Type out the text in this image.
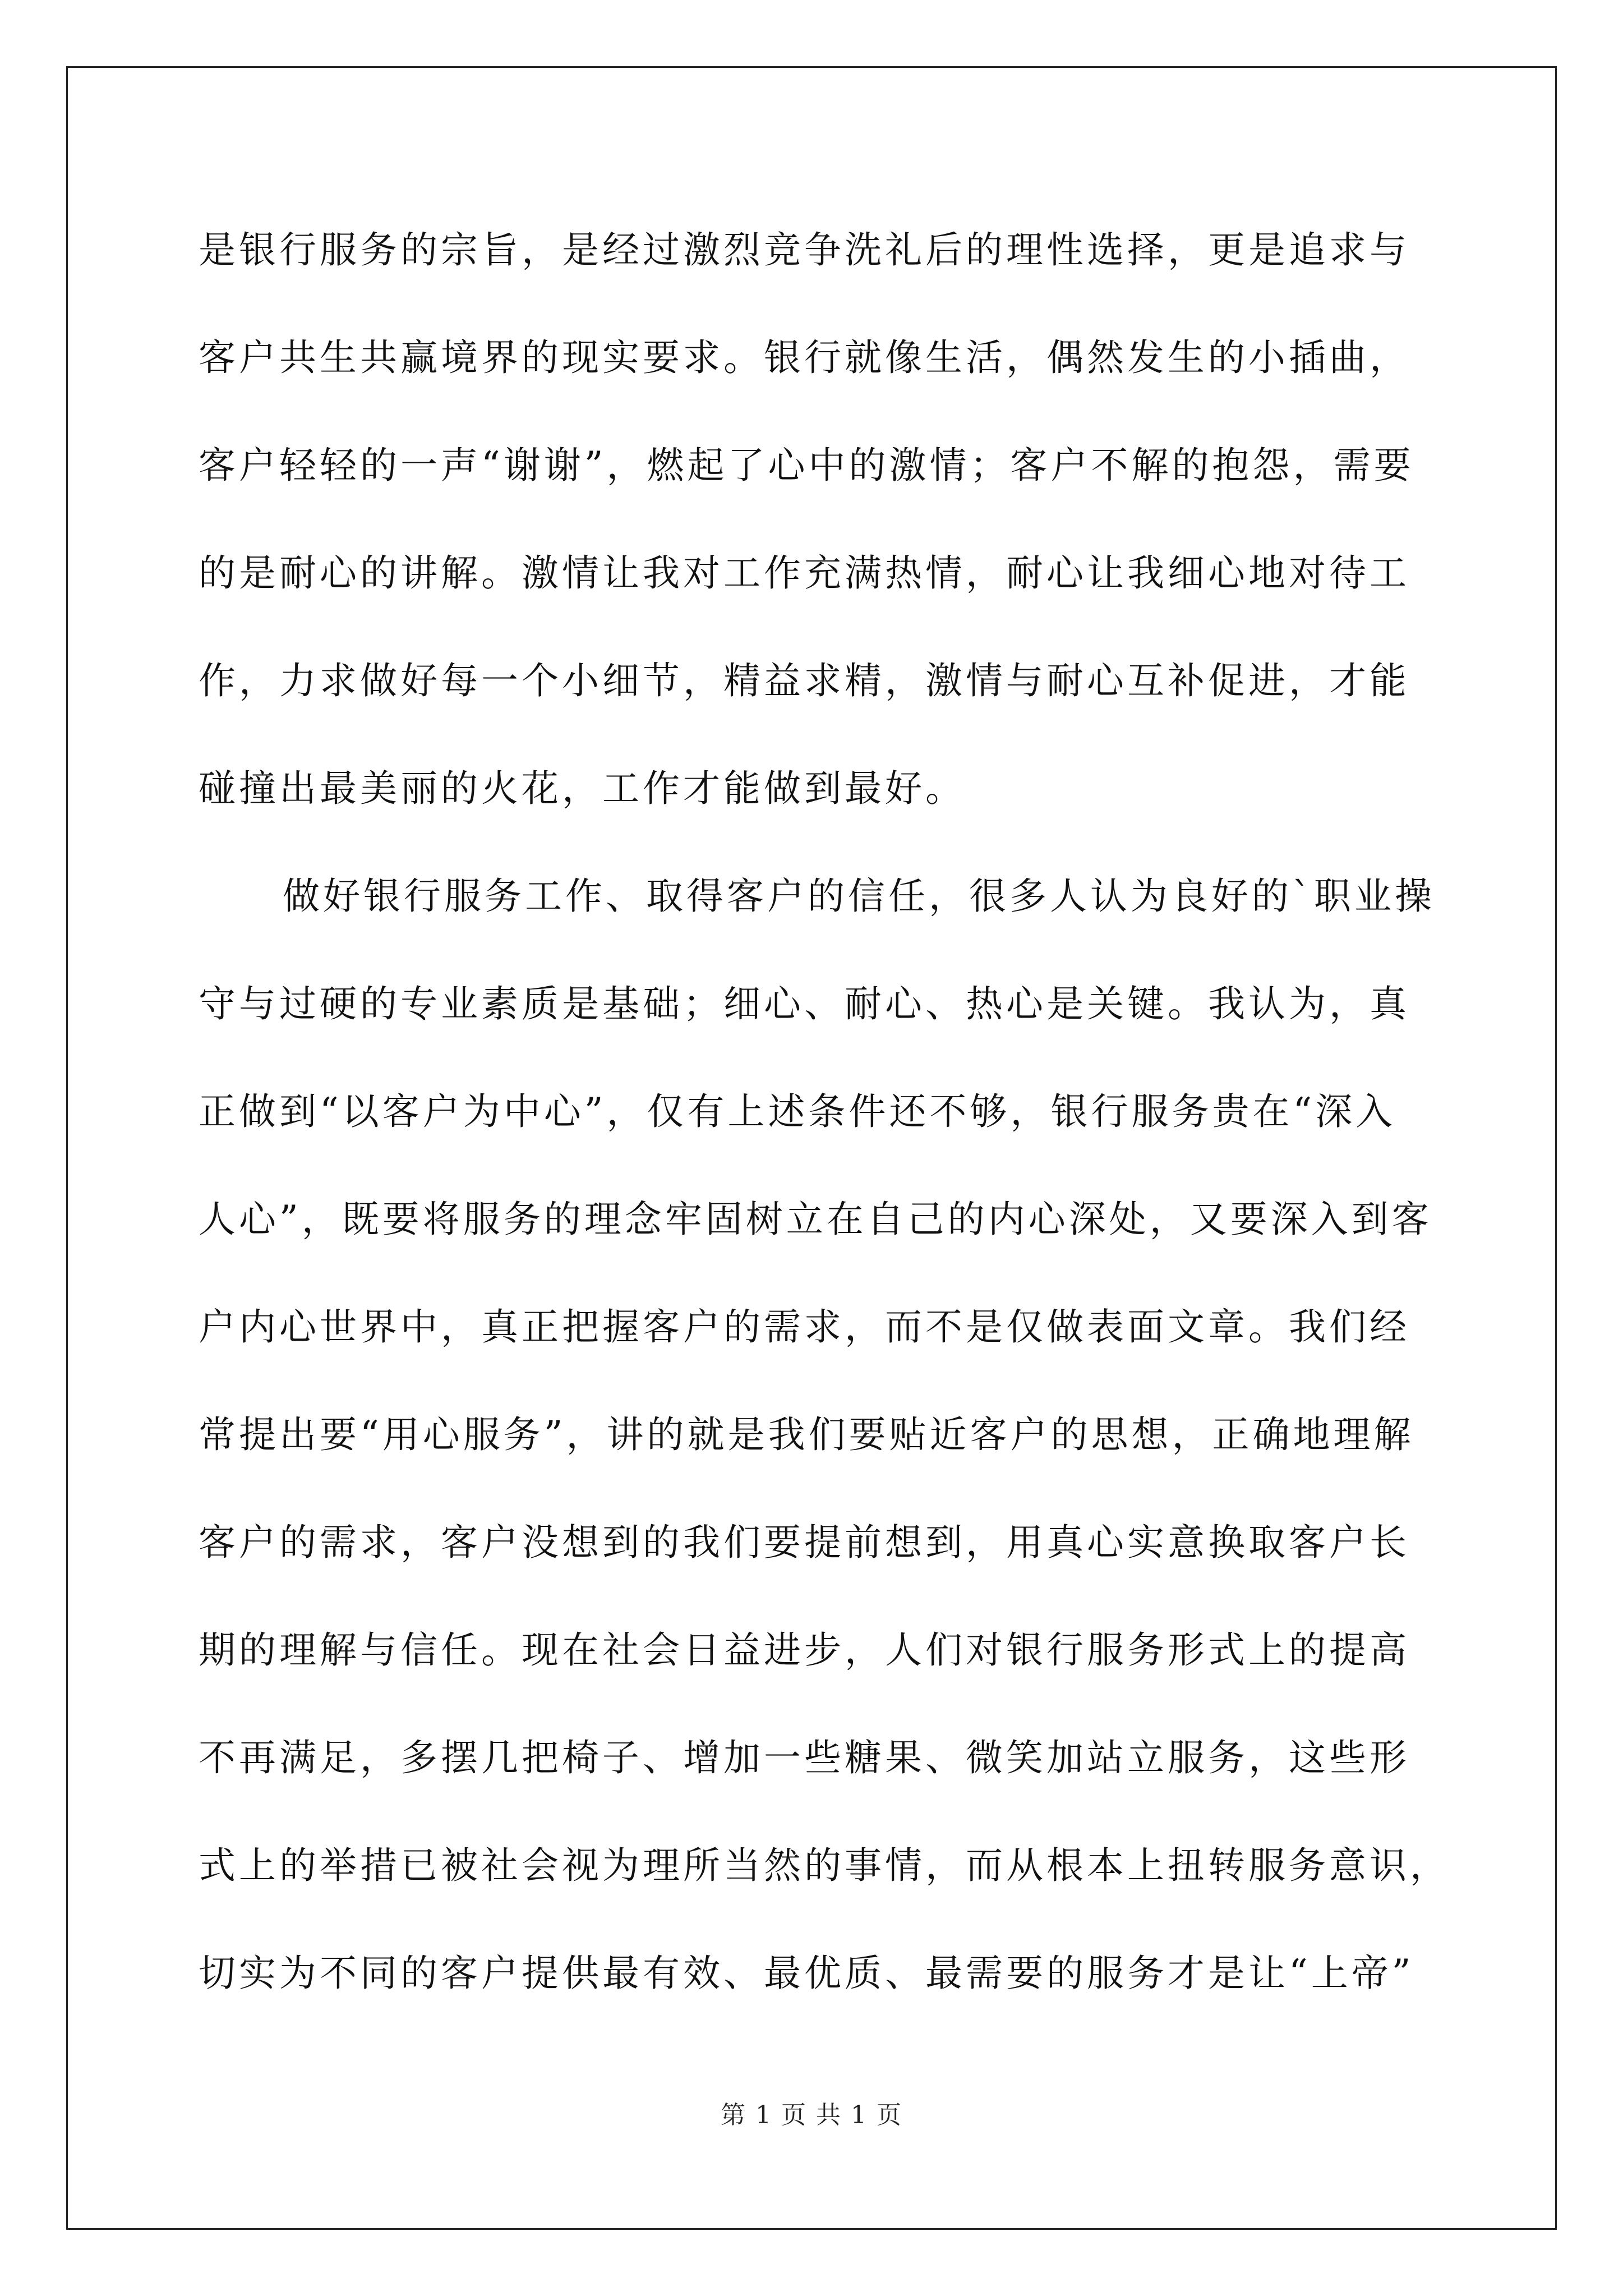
是银行服务的宗旨，是经过激烈竞争洗礼后的理性选择，更是追求与
客户共生共赢境界的现实要求。银行就像生活，偶然发生的小插曲，
客户轻轻的一声“谢谢”，燃起了心中的激情；客户不解的抱怨，需要
的是耐心的讲解。激情让我对工作充满热情，耐心让我细心地对待工
作，力求做好每一个小细节，精益求精，激情与耐心互补促进，才能
碰撞出最美丽的火花，工作才能做到最好。
做好银行服务工作、取得客户的信任，很多人认为良好的`职业操
守与过硬的专业素质是基础；细心、耐心、热心是关键。我认为，真
正做到“以客户为中心”，仅有上述条件还不够，银行服务贵在“深入
人心”，既要将服务的理念牢固树立在自己的内心深处，又要深入到客
户内心世界中，真正把握客户的需求，而不是仅做表面文章。我们经
常提出要“用心服务”，讲的就是我们要贴近客户的思想，正确地理解
客户的需求，客户没想到的我们要提前想到，用真心实意换取客户长
期的理解与信任。现在社会日益进步，人们对银行服务形式上的提高
不再满足，多摆几把椅子、增加一些糖果、微笑加站立服务，这些形
式上的举措已被社会视为理所当然的事情，而从根本上扭转服务意识，
切实为不同的客户提供最有效、最优质、最需要的服务才是让“上帝”
第 1 页 共 1 页
